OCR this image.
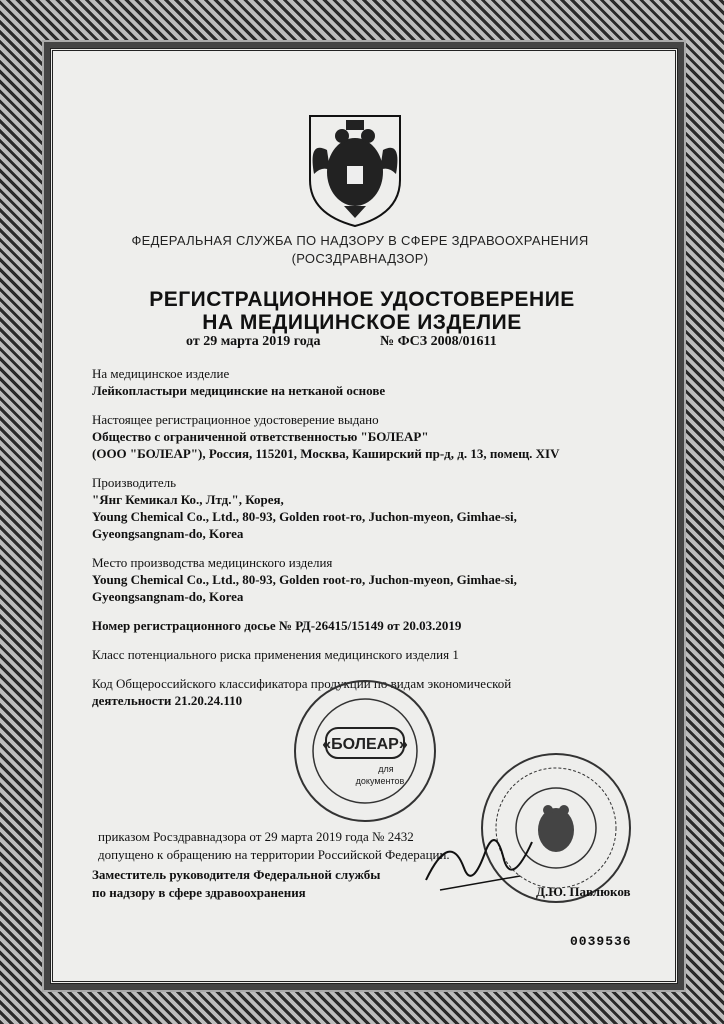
ФЕДЕРАЛЬНАЯ СЛУЖБА ПО НАДЗОРУ В СФЕРЕ ЗДРАВООХРАНЕНИЯ
(РОСЗДРАВНАДЗОР)
РЕГИСТРАЦИОННОЕ УДОСТОВЕРЕНИЕ
НА МЕДИЦИНСКОЕ ИЗДЕЛИЕ
от 29 марта 2019 года	№ ФСЗ 2008/01611

На медицинское изделие

Лейкопластыри медицинские на нетканой основе

Настоящее регистрационное удостоверение выдано

Общество с ограниченной ответственностью "БОЛЕАР"

(ООО "БОЛЕАР"), Россия, 115201, Москва, Каширский пр-д, д. 13, помещ. XIV

Производитель

"Янг Кемикал Ко., Лтд.", Корея,

Young Chemical Co., Ltd., 80-93, Golden root-ro, Juchon-myeon, Gimhae-si,

Gyeongsangnam-do, Korea

Место производства медицинского изделия

Young Chemical Co., Ltd., 80-93, Golden root-ro, Juchon-myeon, Gimhae-si,

Gyeongsangnam-do, Korea

Номер регистрационного досье № РД-26415/15149 от 20.03.2019

Класс потенциального риска применения медицинского изделия 1

Код Общероссийского классификатора продукции по видам экономической

деятельности 21.20.24.110

«БОЛЕАР»
для
документов
приказом Росздравнадзора от 29 марта 2019 года № 2432
допущено к обращению на территории Российской Федерации.
Заместитель руководителя Федеральной службы
по надзору в сфере здравоохранения	Д.Ю. Павлюков
0039536
